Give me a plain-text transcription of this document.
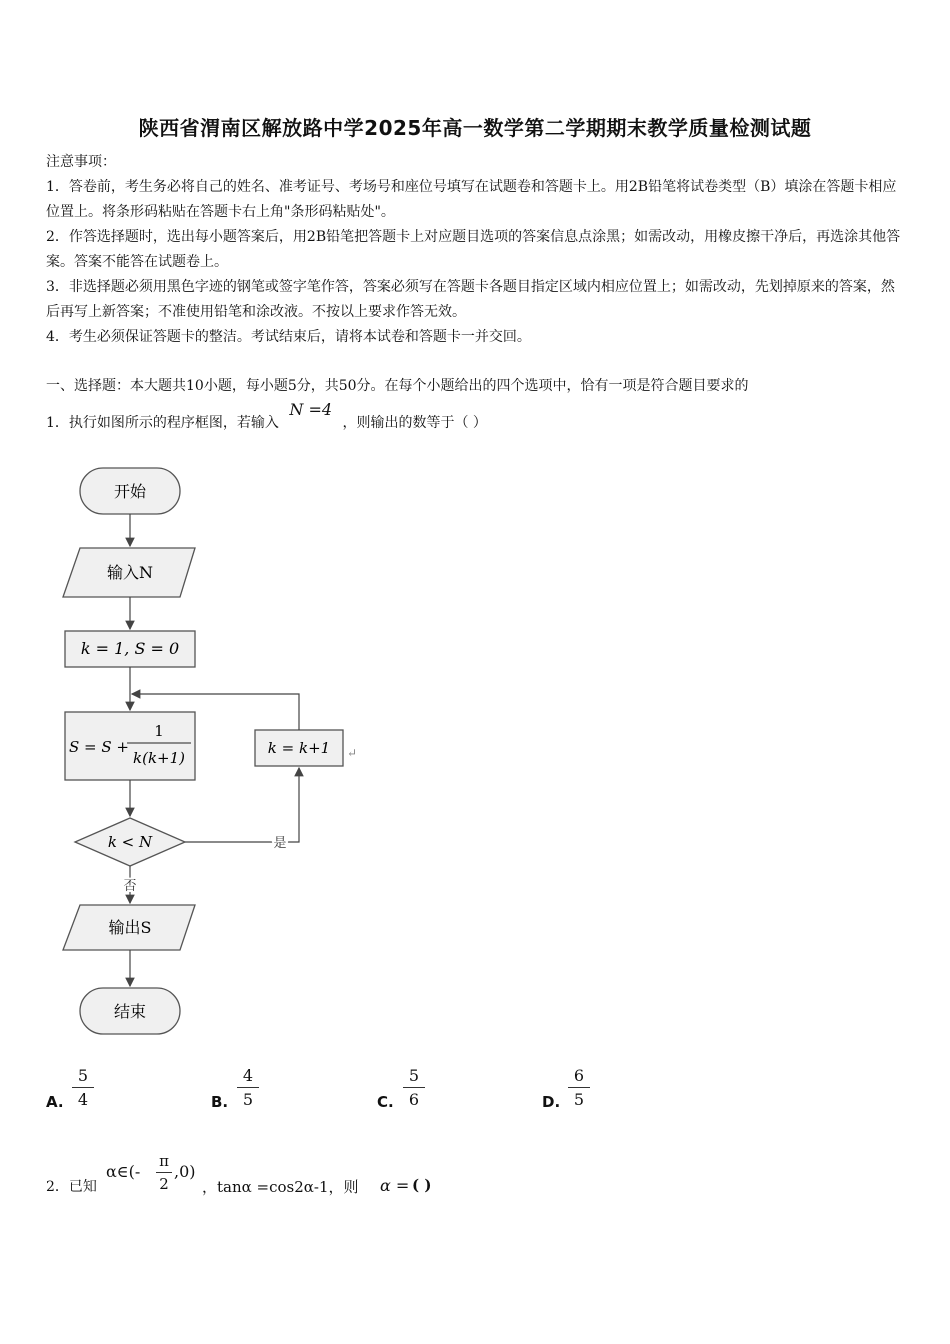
陕西省渭南区解放路中学2025年高一数学第二学期期末教学质量检测试题
注意事项：
1．答卷前，考生务必将自己的姓名、准考证号、考场号和座位号填写在试题卷和答题卡上。用2B铅笔将试卷类型（B）填涂在答题卡相应位置上。将条形码粘贴在答题卡右上角"条形码粘贴处"。
2．作答选择题时，选出每小题答案后，用2B铅笔把答题卡上对应题目选项的答案信息点涂黑；如需改动，用橡皮擦干净后，再选涂其他答案。答案不能答在试题卷上。
3．非选择题必须用黑色字迹的钢笔或签字笔作答，答案必须写在答题卡各题目指定区域内相应位置上；如需改动，先划掉原来的答案，然后再写上新答案；不准使用铅笔和涂改液。不按以上要求作答无效。
4．考生必须保证答题卡的整洁。考试结束后，请将本试卷和答题卡一并交回。
一、选择题：本大题共10小题，每小题5分，共50分。在每个小题给出的四个选项中，恰有一项是符合题目要求的
1．执行如图所示的程序框图，若输入 N =4 ，则输出的数等于（ ）
开始
输入N
k = 1, S = 0
S = S +
1
k(k+1)
k = k+1 ↵
k < N	是
否
输出S
结束
A.
5
4	B.
4
5	C.
5
6	D.
6
5
2．已知
α∈(-
π
2
,0)
，tanα =cos2α-1，则 α = ( )
